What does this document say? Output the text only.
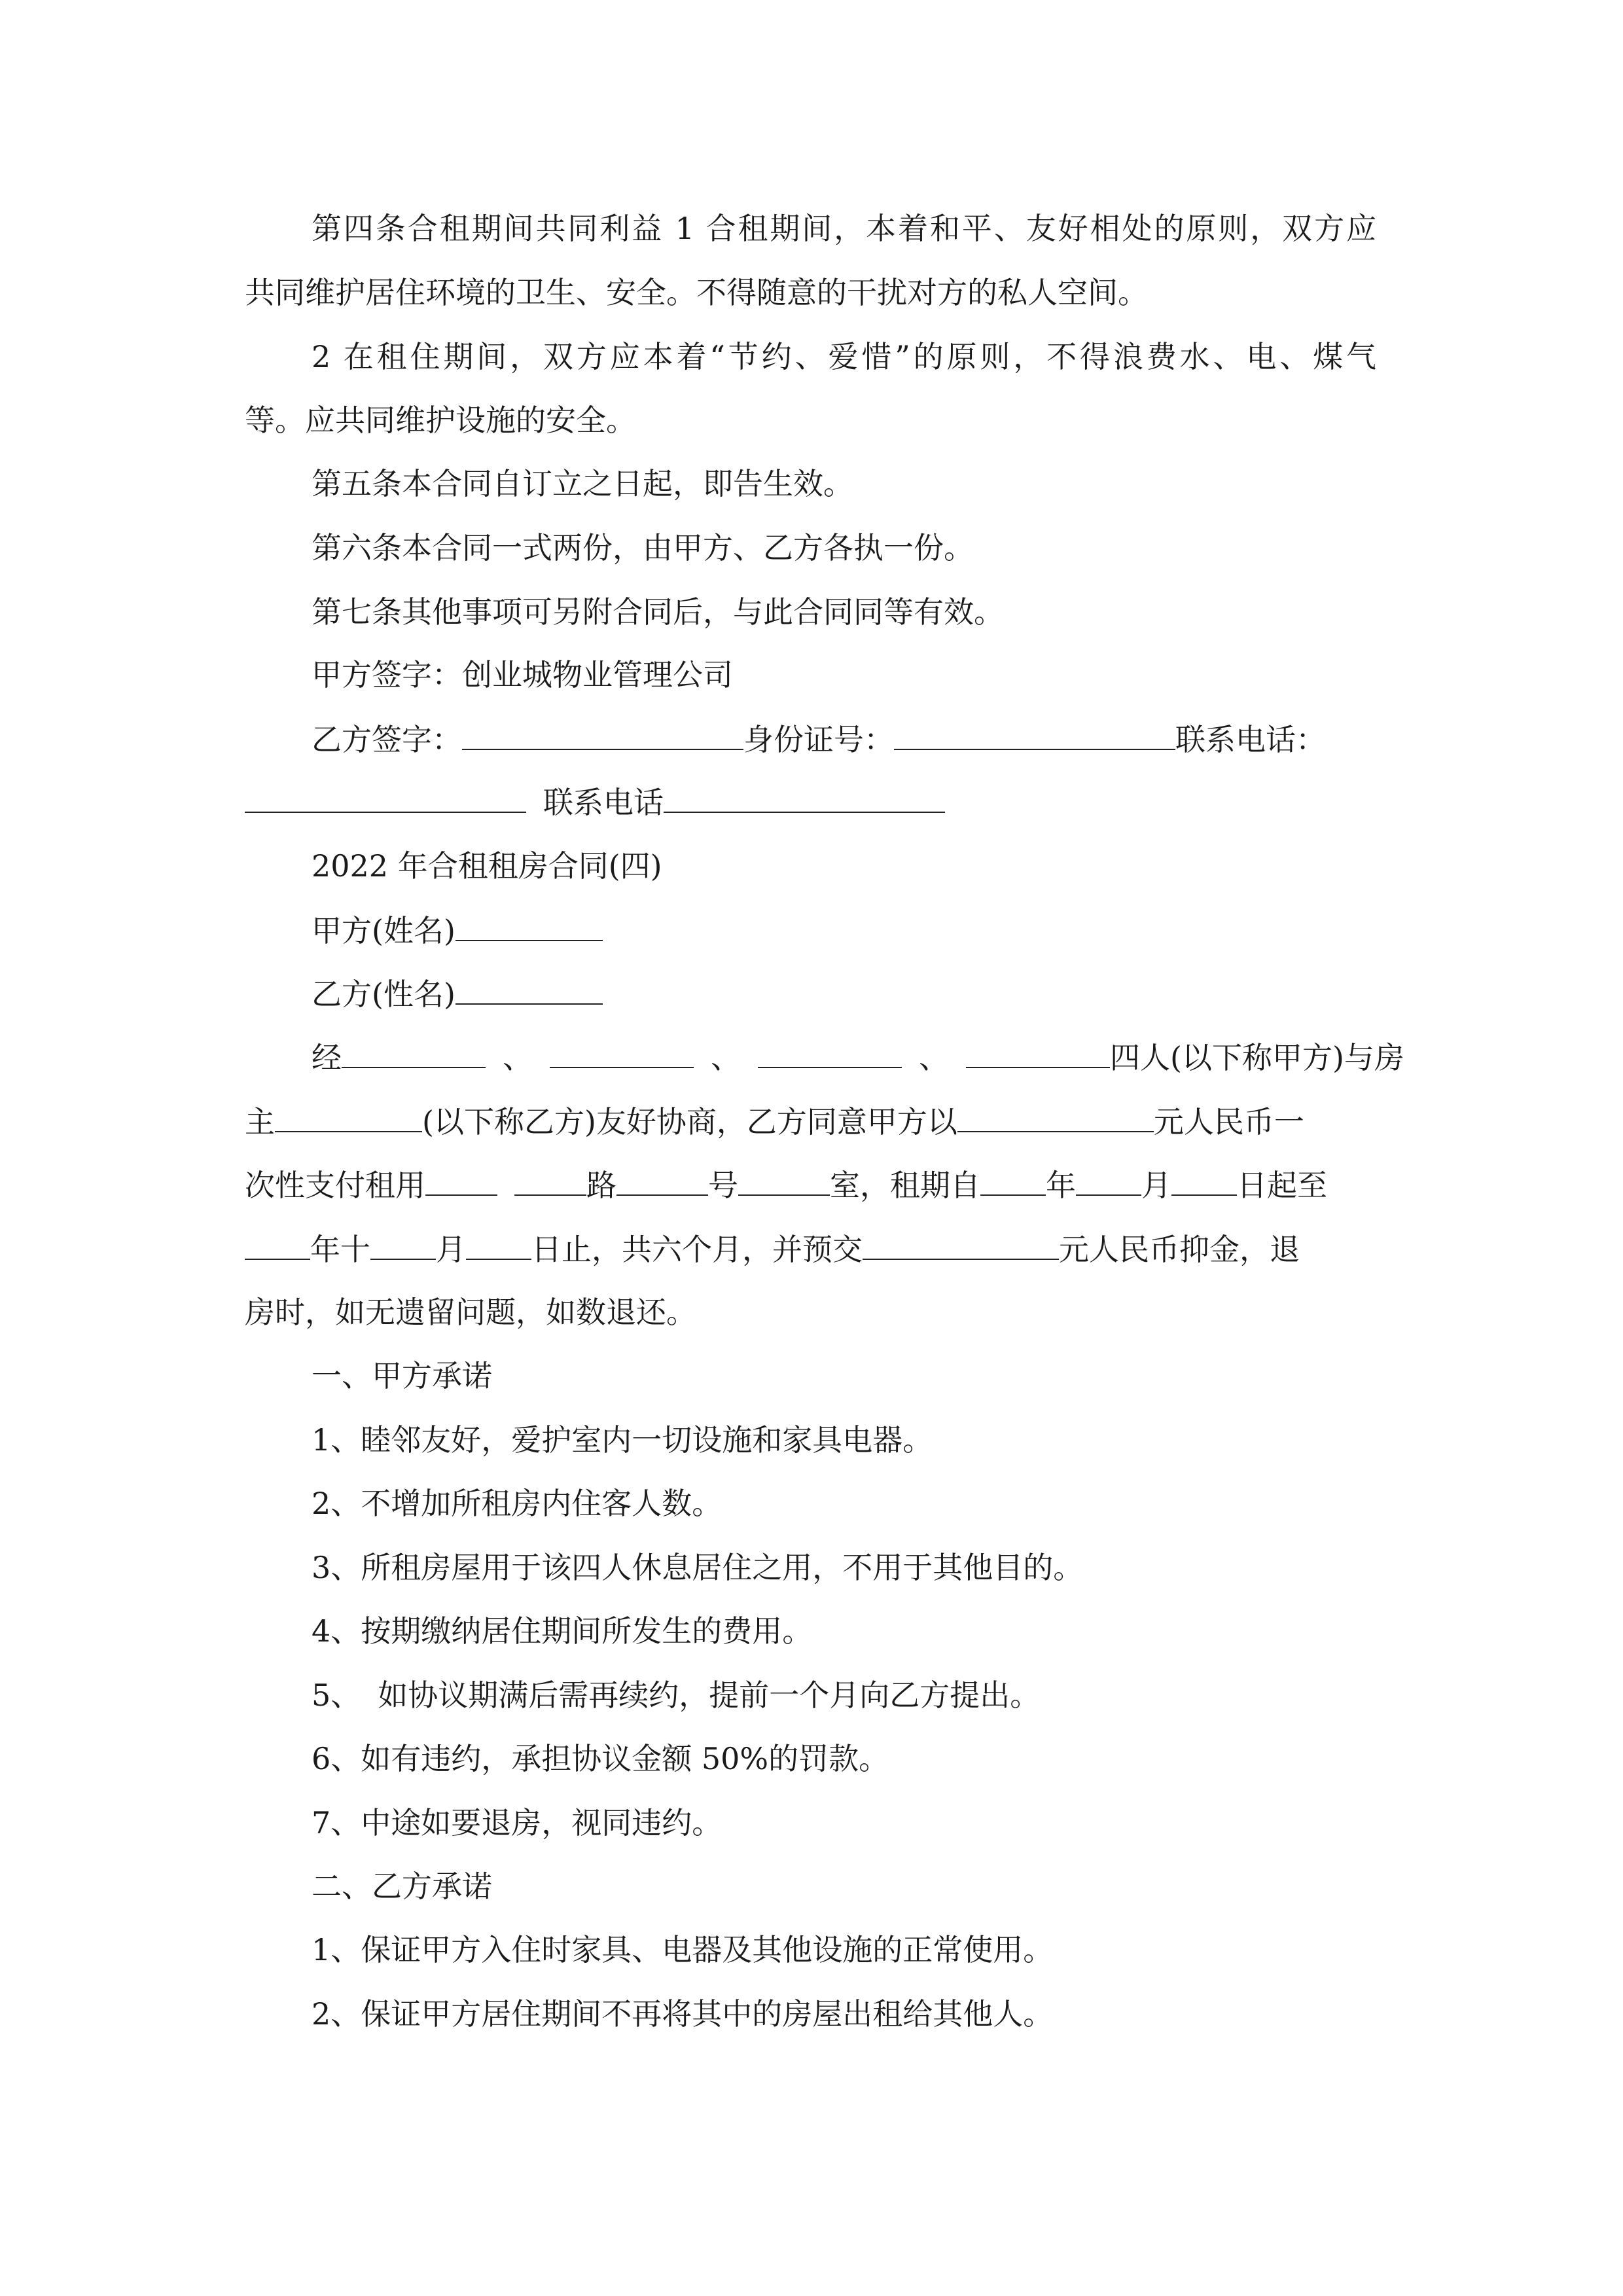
第四条合租期间共同利益 1 合租期间，本着和平、友好相处的原则，双方应
共同维护居住环境的卫生、安全。不得随意的干扰对方的私人空间。
2 在租住期间，双方应本着“节约、爱惜”的原则，不得浪费水、电、煤气
等。应共同维护设施的安全。
第五条本合同自订立之日起，即告生效。
第六条本合同一式两份，由甲方、乙方各执一份。
第七条其他事项可另附合同后，与此合同同等有效。
甲方签字：创业城物业管理公司
乙方签字：	身份证号：	联系电话：
联系电话
2022 年合租租房合同(四)
甲方(姓名)
乙方(性名)
经	、	、	、	四人(以下称甲方)与房
主	(以下称乙方)友好协商，乙方同意甲方以	元人民币一
次性支付租用	路	号	室，租期自 年 月 日起至
年十 月 日止，共六个月，并预交	元人民币抑金，退
房时，如无遗留问题，如数退还。
一、甲方承诺
1、睦邻友好，爱护室内一切设施和家具电器。
2、不增加所租房内住客人数。
3、所租房屋用于该四人休息居住之用，不用于其他目的。
4、按期缴纳居住期间所发生的费用。
5、 如协议期满后需再续约，提前一个月向乙方提出。
6、如有违约，承担协议金额 50%的罚款。
7、中途如要退房，视同违约。
二、乙方承诺
1、保证甲方入住时家具、电器及其他设施的正常使用。
2、保证甲方居住期间不再将其中的房屋出租给其他人。
